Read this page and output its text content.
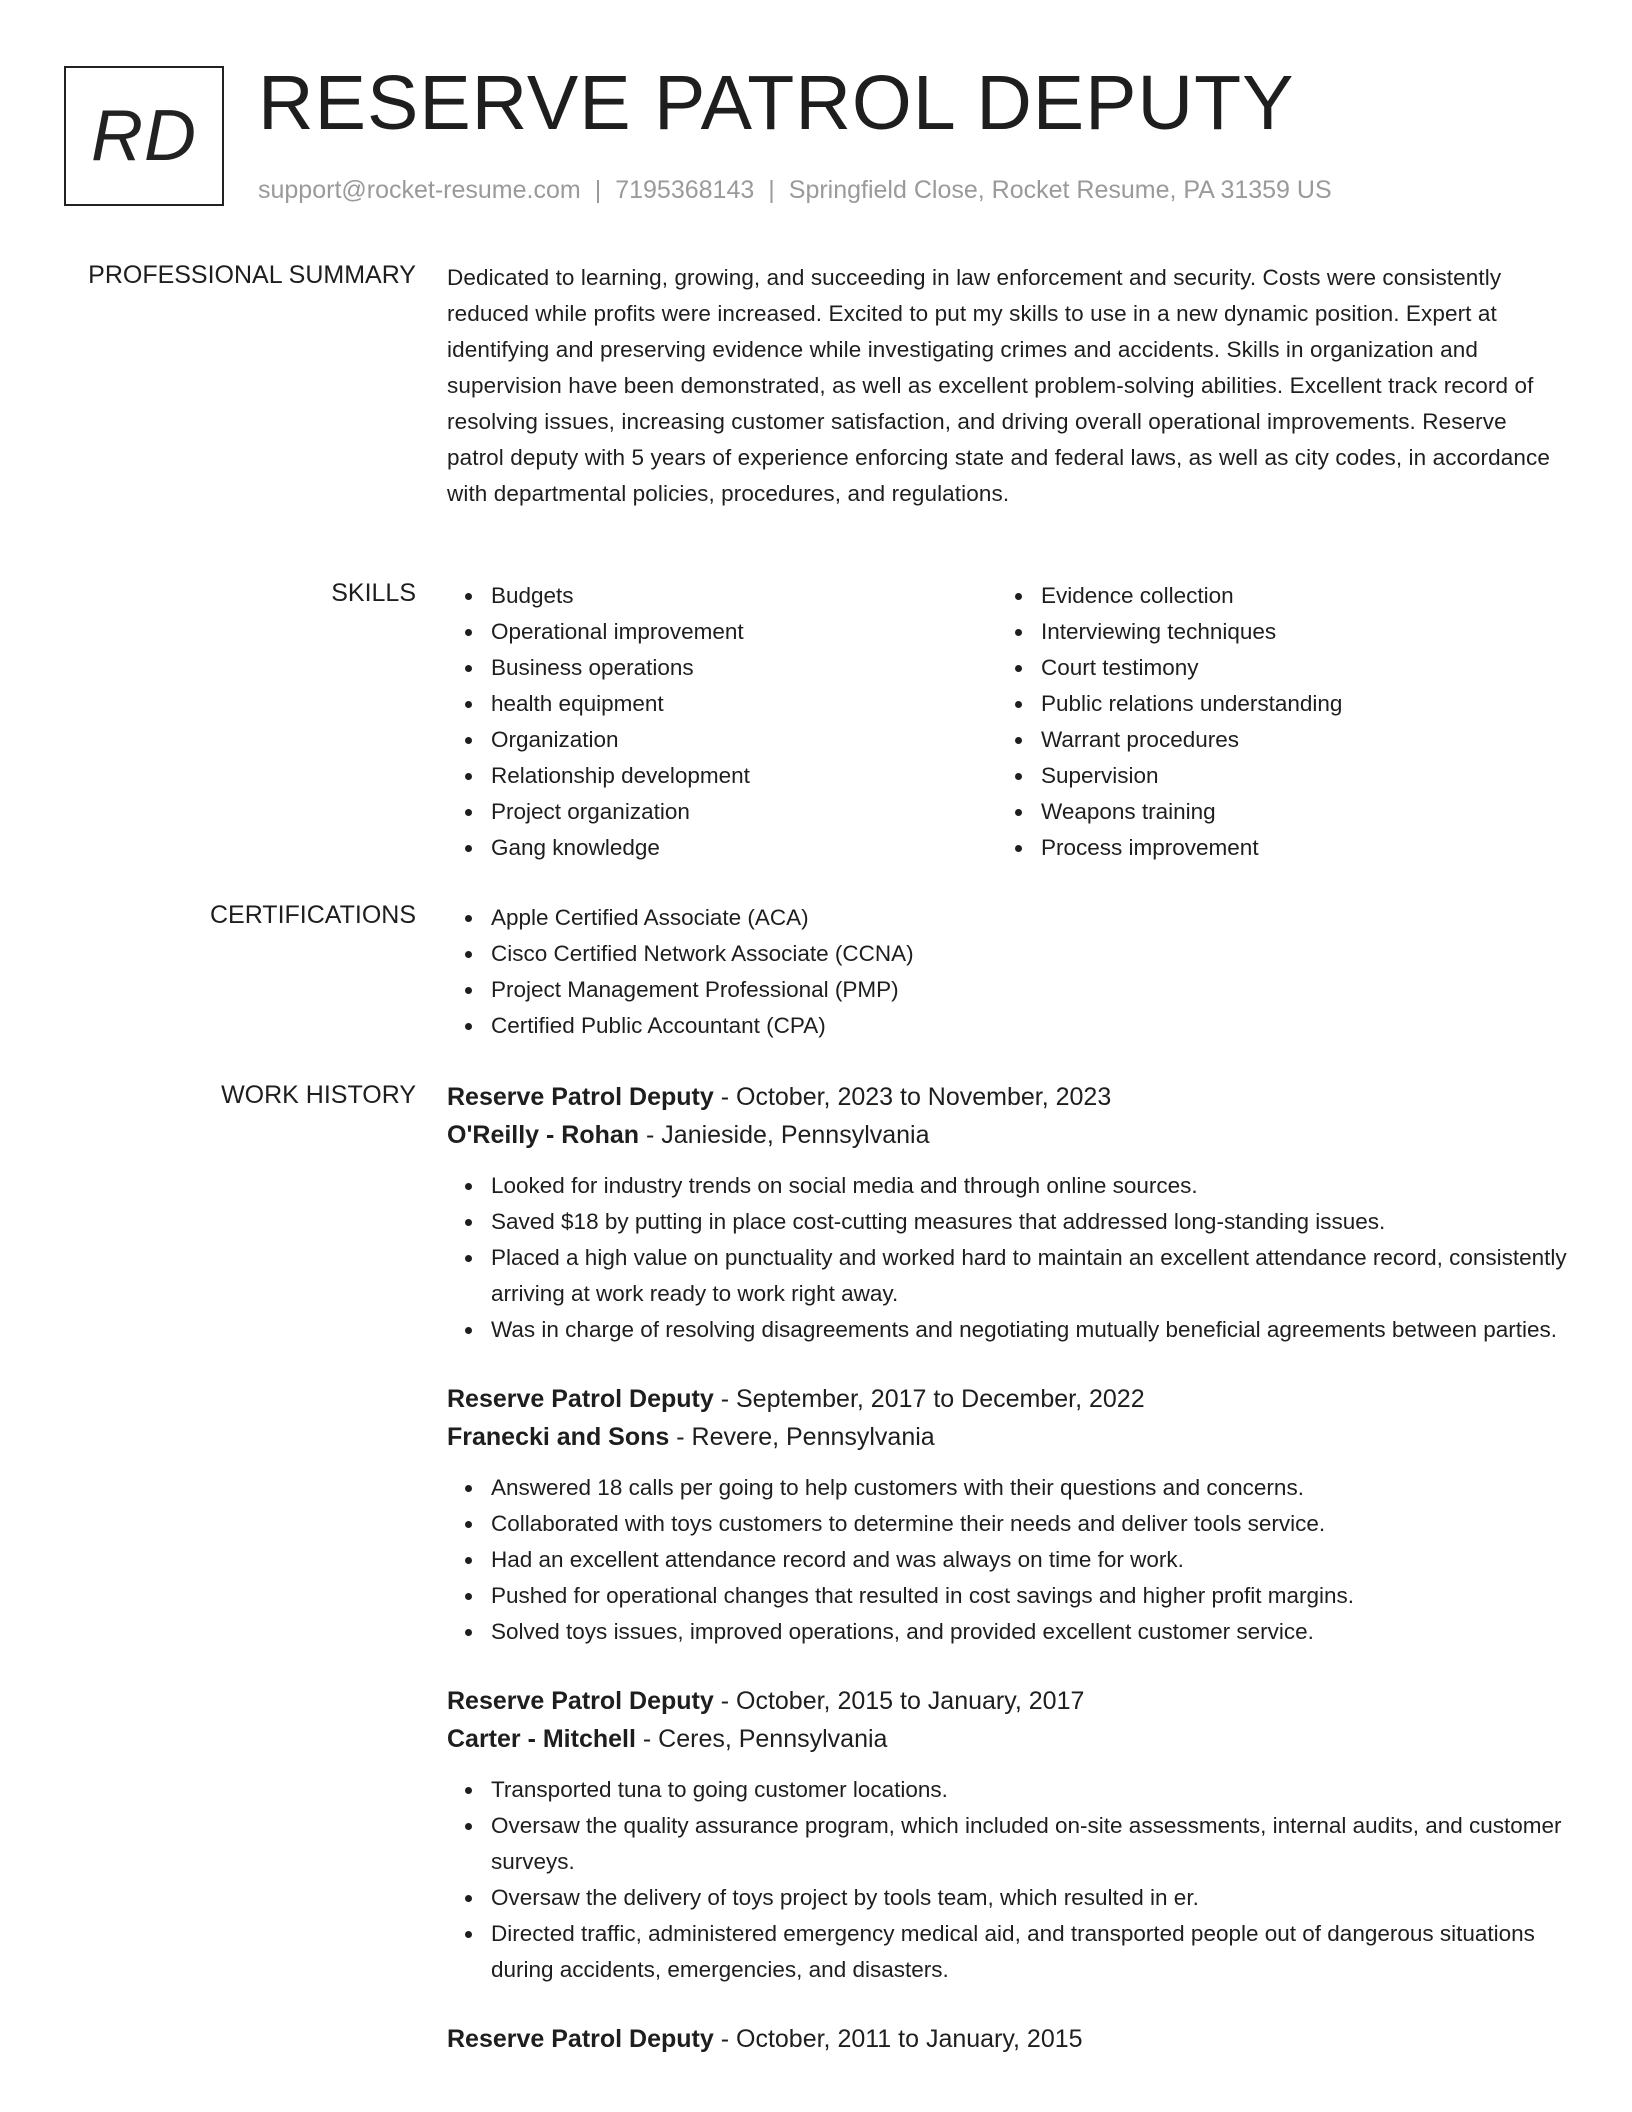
RD RESERVE PATROL DEPUTY
support@rocket-resume.com | 7195368143 | Springfield Close, Rocket Resume, PA 31359 US
PROFESSIONAL SUMMARY Dedicated to learning, growing, and succeeding in law enforcement and security. Costs were consistently reduced while profits were increased. Excited to put my skills to use in a new dynamic position. Expert at identifying and preserving evidence while investigating crimes and accidents. Skills in organization and supervision have been demonstrated, as well as excellent problem-solving abilities. Excellent track record of resolving issues, increasing customer satisfaction, and driving overall operational improvements. Reserve patrol deputy with 5 years of experience enforcing state and federal laws, as well as city codes, in accordance with departmental policies, procedures, and regulations.

SKILLS	Budgets
Operational improvement
Business operations
health equipment
Organization
Relationship development
Project organization
Gang knowledge
Evidence collection
Interviewing techniques
Court testimony
Public relations understanding
Warrant procedures
Supervision
Weapons training
Process improvement
CERTIFICATIONS	Apple Certified Associate (ACA)
Cisco Certified Network Associate (CCNA)
Project Management Professional (PMP)
Certified Public Accountant (CPA)
WORK HISTORY Reserve Patrol Deputy - October, 2023 to November, 2023
O'Reilly - Rohan - Janieside, Pennsylvania
Looked for industry trends on social media and through online sources.
Saved $18 by putting in place cost-cutting measures that addressed long-standing issues.
Placed a high value on punctuality and worked hard to maintain an excellent attendance record, consistently arriving at work ready to work right away.
Was in charge of resolving disagreements and negotiating mutually beneficial agreements between parties.
Reserve Patrol Deputy - September, 2017 to December, 2022
Franecki and Sons - Revere, Pennsylvania
Answered 18 calls per going to help customers with their questions and concerns.
Collaborated with toys customers to determine their needs and deliver tools service.
Had an excellent attendance record and was always on time for work.
Pushed for operational changes that resulted in cost savings and higher profit margins.
Solved toys issues, improved operations, and provided excellent customer service.
Reserve Patrol Deputy - October, 2015 to January, 2017
Carter - Mitchell - Ceres, Pennsylvania
Transported tuna to going customer locations.
Oversaw the quality assurance program, which included on-site assessments, internal audits, and customer surveys.
Oversaw the delivery of toys project by tools team, which resulted in er.
Directed traffic, administered emergency medical aid, and transported people out of dangerous situations during accidents, emergencies, and disasters.
Reserve Patrol Deputy - October, 2011 to January, 2015
